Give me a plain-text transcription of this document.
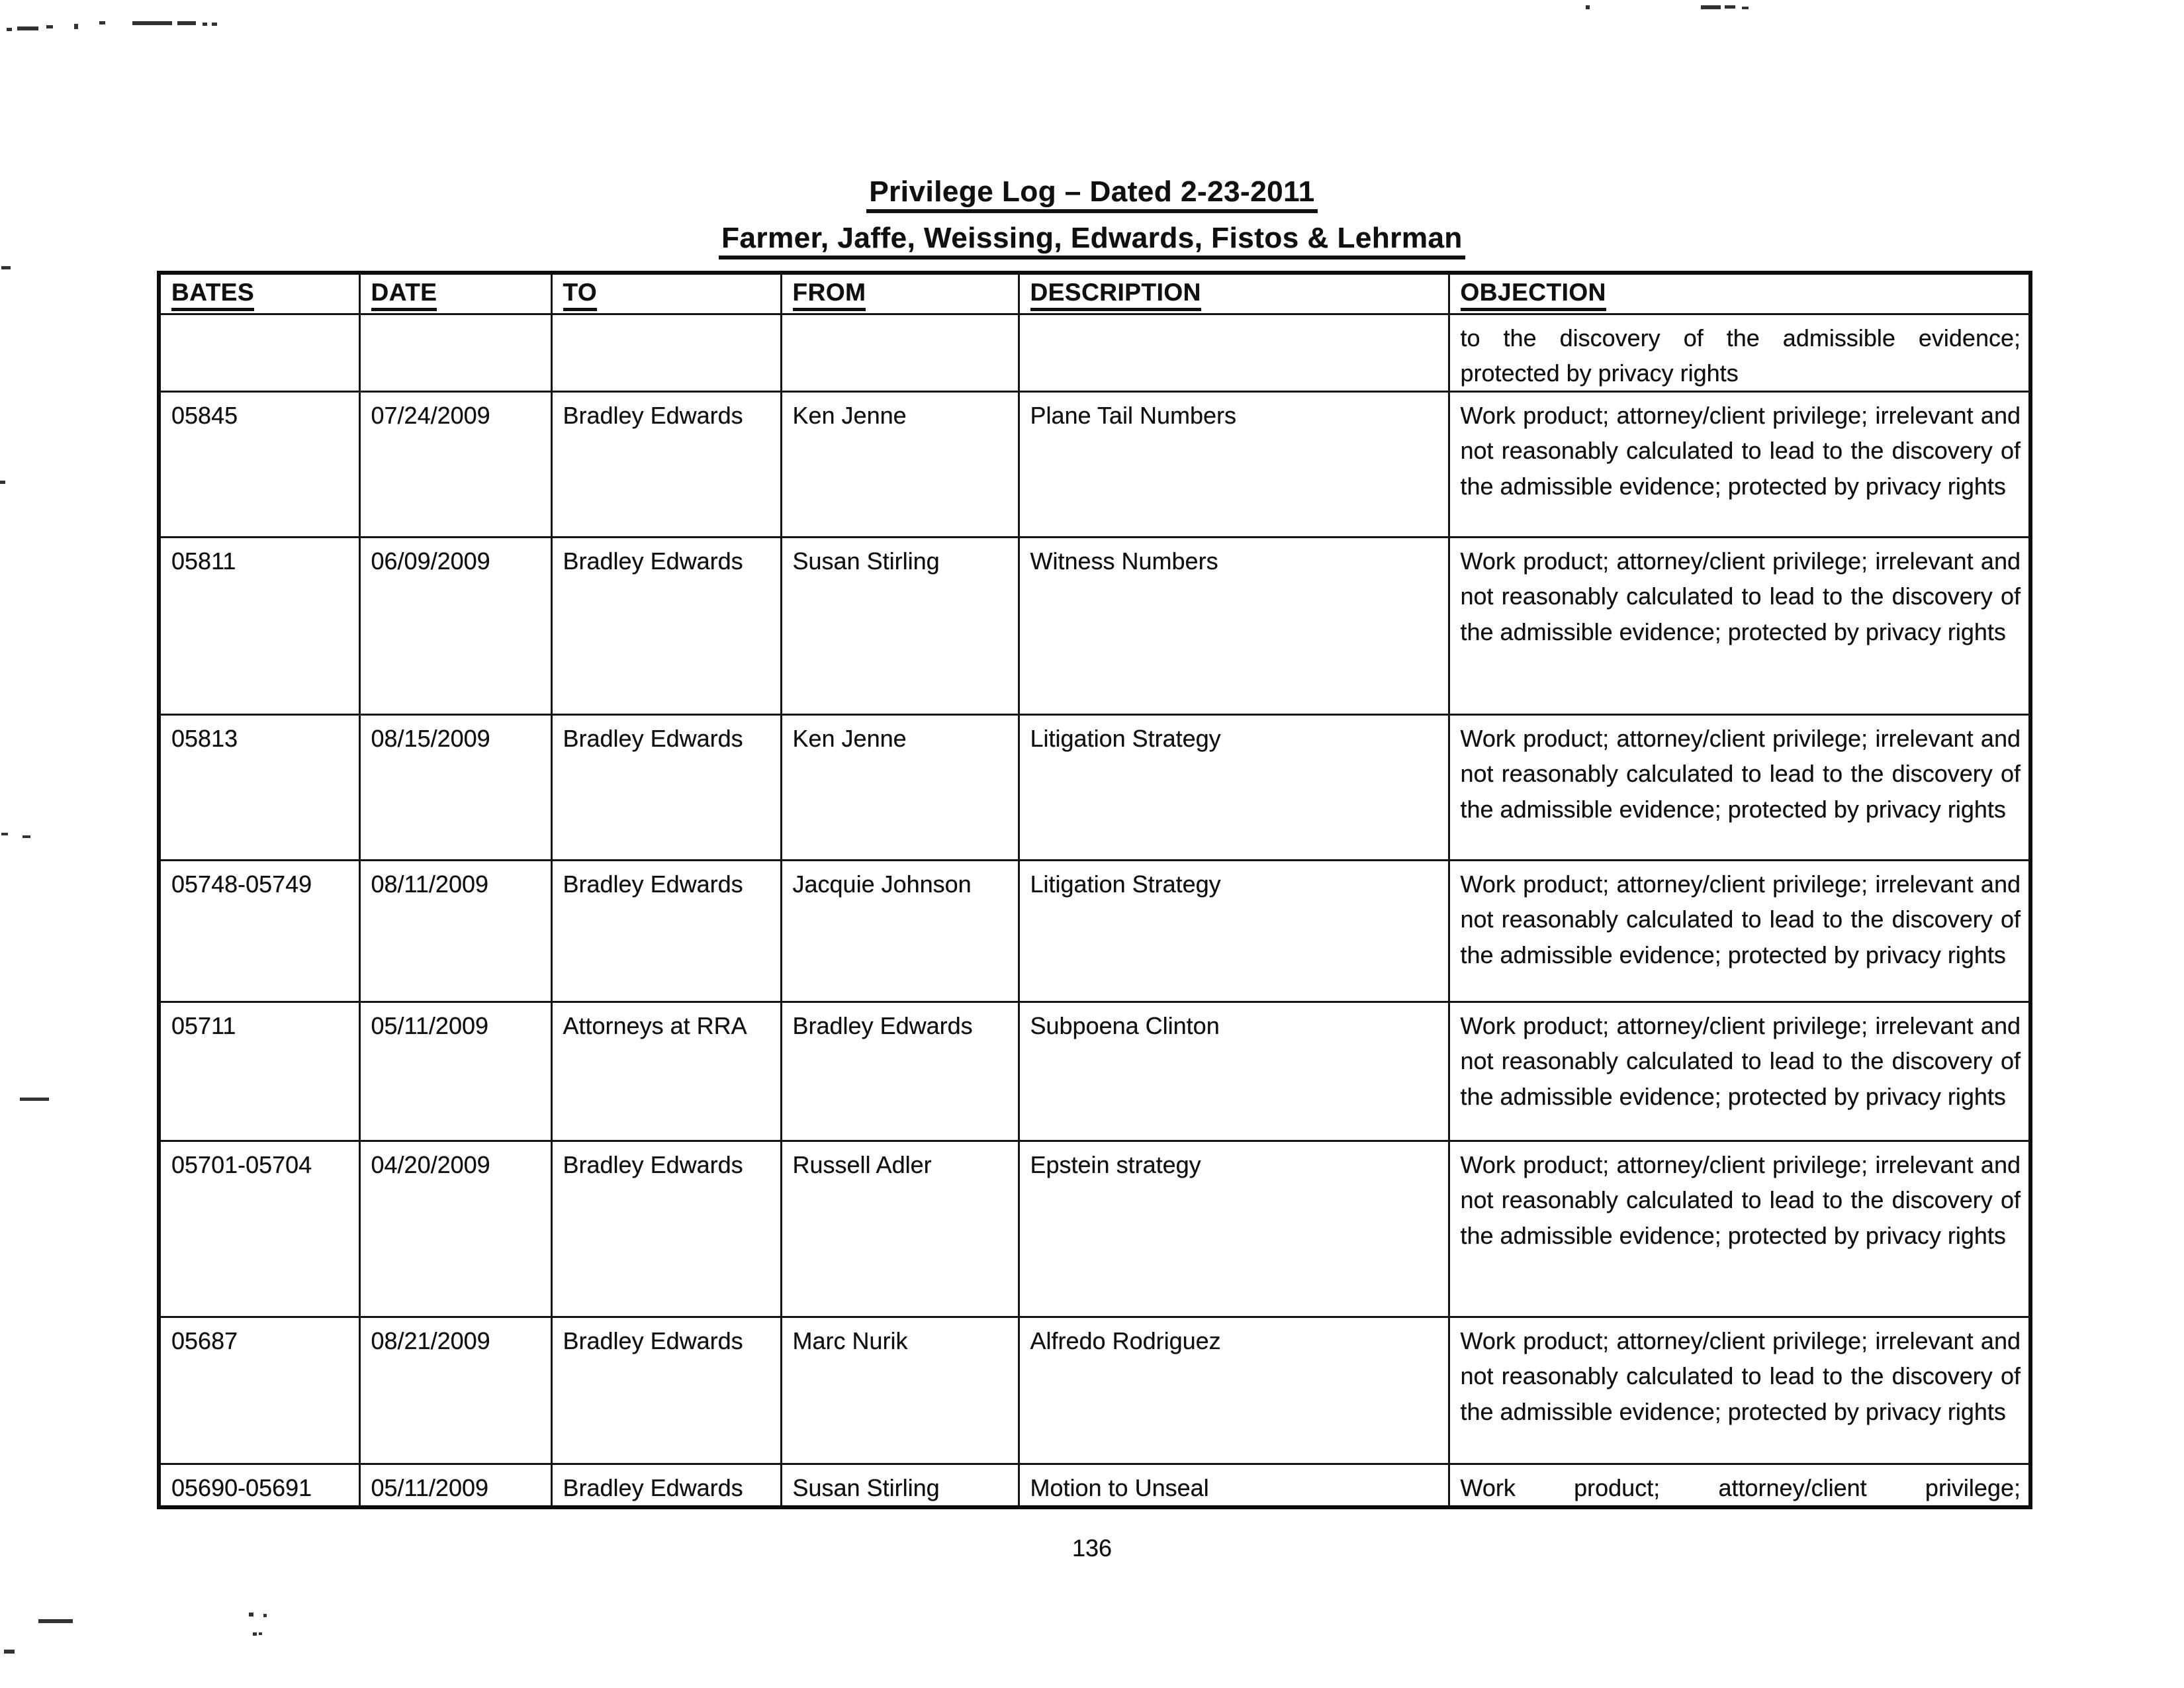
Privilege Log – Dated 2-23-2011
Farmer, Jaffe, Weissing, Edwards, Fistos & Lehrman
BATES	DATE	TO	FROM	DESCRIPTION	OBJECTION
					to the discovery of the admissible evidence; protected by privacy rights
05845	07/24/2009	Bradley Edwards	Ken Jenne	Plane Tail Numbers	Work product; attorney/client privilege; irrelevant and not reasonably calculated to lead to the discovery of the admissible evidence; protected by privacy rights
05811	06/09/2009	Bradley Edwards	Susan Stirling	Witness Numbers	Work product; attorney/client privilege; irrelevant and not reasonably calculated to lead to the discovery of the admissible evidence; protected by privacy rights
05813	08/15/2009	Bradley Edwards	Ken Jenne	Litigation Strategy	Work product; attorney/client privilege; irrelevant and not reasonably calculated to lead to the discovery of the admissible evidence; protected by privacy rights
05748-05749	08/11/2009	Bradley Edwards	Jacquie Johnson	Litigation Strategy	Work product; attorney/client privilege; irrelevant and not reasonably calculated to lead to the discovery of the admissible evidence; protected by privacy rights
05711	05/11/2009	Attorneys at RRA	Bradley Edwards	Subpoena Clinton	Work product; attorney/client privilege; irrelevant and not reasonably calculated to lead to the discovery of the admissible evidence; protected by privacy rights
05701-05704	04/20/2009	Bradley Edwards	Russell Adler	Epstein strategy	Work product; attorney/client privilege; irrelevant and not reasonably calculated to lead to the discovery of the admissible evidence; protected by privacy rights
05687	08/21/2009	Bradley Edwards	Marc Nurik	Alfredo Rodriguez	Work product; attorney/client privilege; irrelevant and not reasonably calculated to lead to the discovery of the admissible evidence; protected by privacy rights
05690-05691	05/11/2009	Bradley Edwards	Susan Stirling	Motion to Unseal	Work product; attorney/client privilege;
136
